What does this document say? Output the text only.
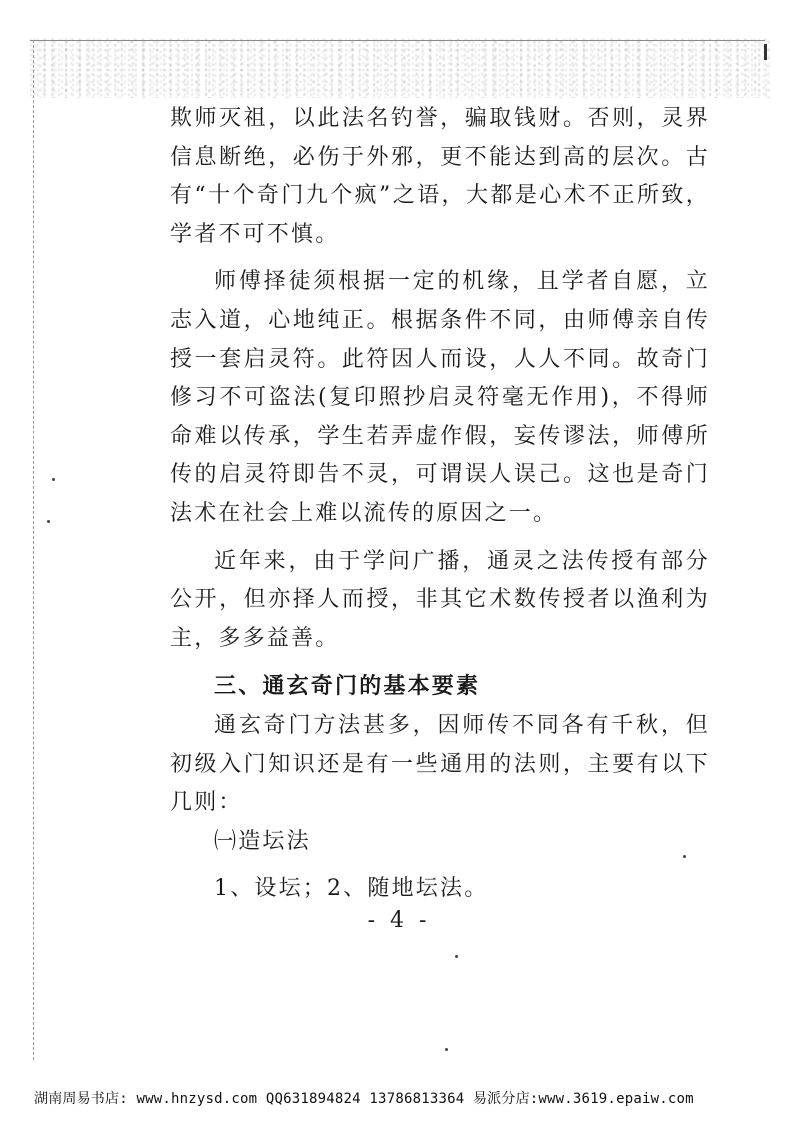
欺师灭祖，以此法名钓誉，骗取钱财。否则，灵界信息断绝，必伤于外邪，更不能达到高的层次。古有“十个奇门九个疯”之语，大都是心术不正所致，学者不可不慎。

师傅择徒须根据一定的机缘，且学者自愿，立志入道，心地纯正。根据条件不同，由师傅亲自传授一套启灵符。此符因人而设，人人不同。故奇门修习不可盗法(复印照抄启灵符毫无作用)，不得师命难以传承，学生若弄虚作假，妄传谬法，师傅所传的启灵符即告不灵，可谓误人误己。这也是奇门法术在社会上难以流传的原因之一。

近年来，由于学问广播，通灵之法传授有部分公开，但亦择人而授，非其它术数传授者以渔利为主，多多益善。

三、通玄奇门的基本要素

通玄奇门方法甚多，因师传不同各有千秋，但初级入门知识还是有一些通用的法则，主要有以下几则：

㈠造坛法

1、设坛；2、随地坛法。

- 4 -
湖南周易书店: www.hnzysd.com QQ631894824 13786813364 易派分店:www.3619.epaiw.com
